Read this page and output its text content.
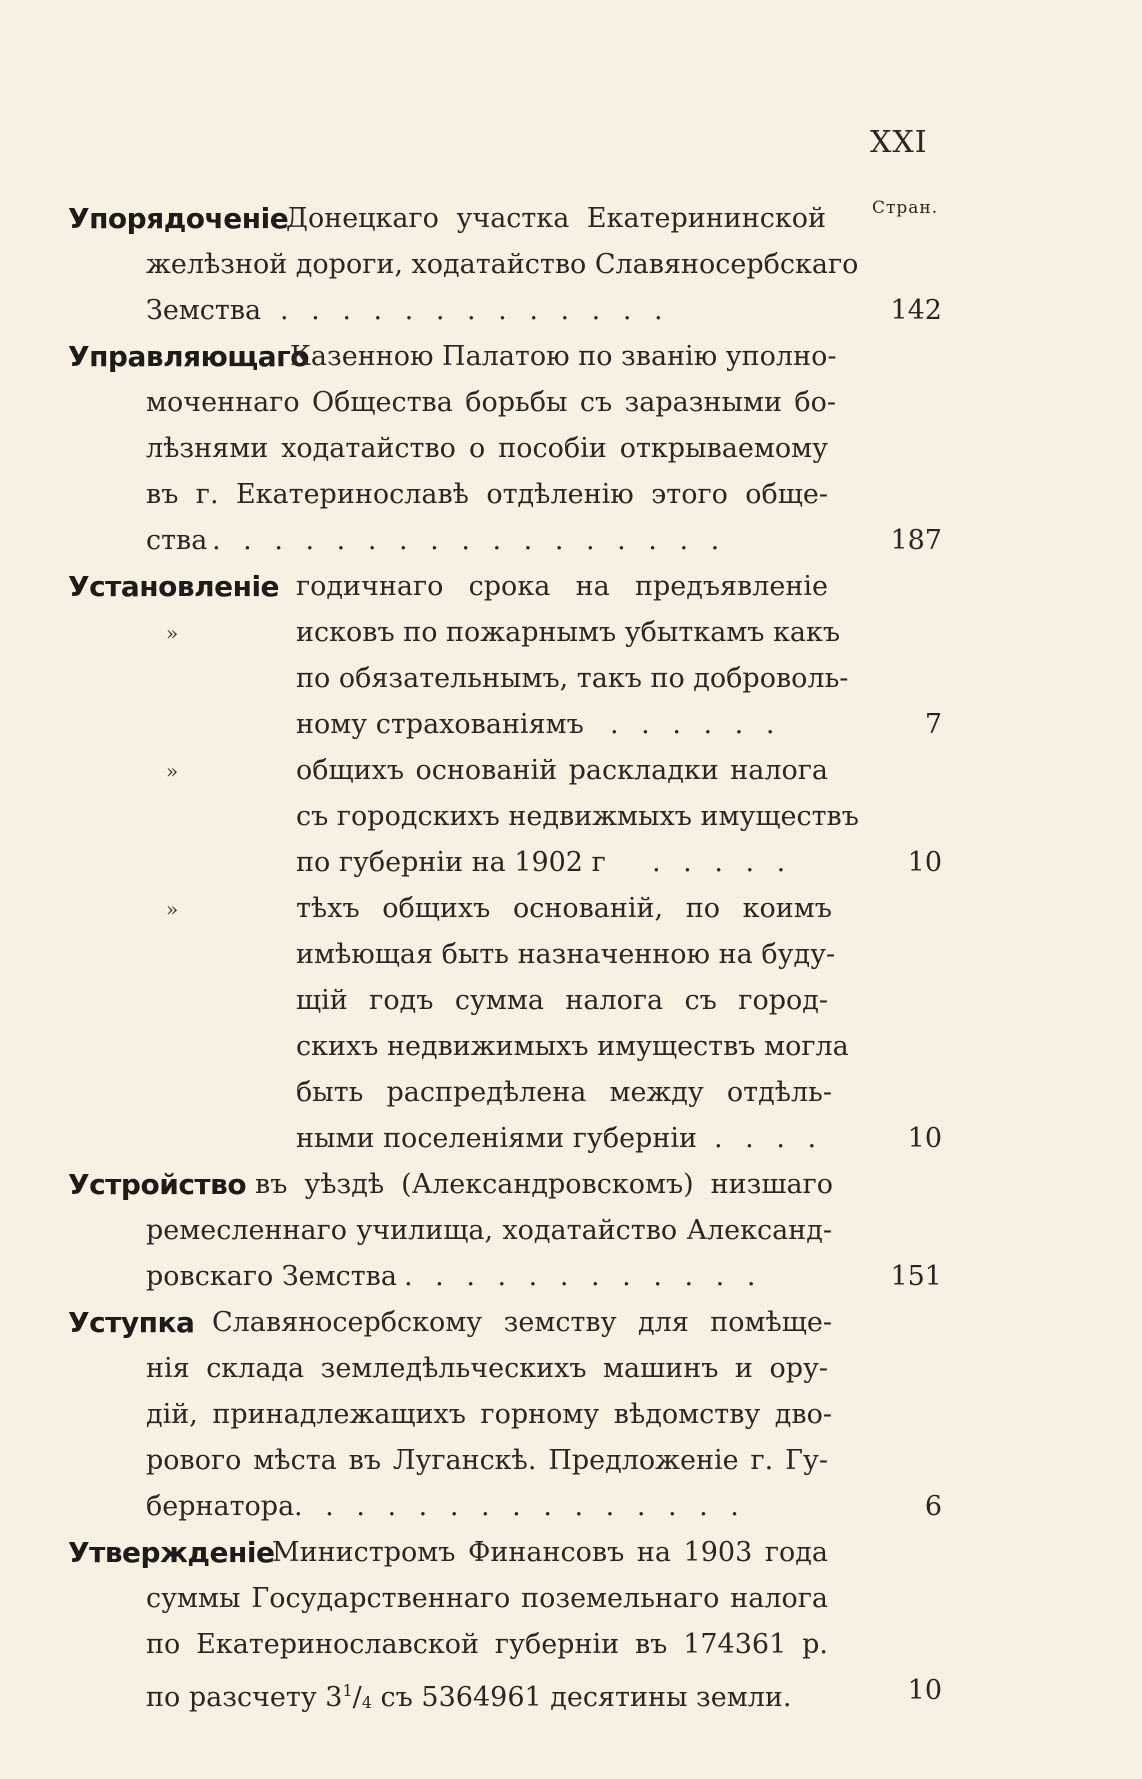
XXI
Стран.
Упорядоченіе
Донецкаго участка Екатерининской
желѣзной дороги, ходатайство Славяносербскаго
Земства . . . . . . . . . . . . .	142
Управляющаго
Казенною Палатою по званію уполно-
моченнаго Общества борьбы съ заразными бо-
лѣзнями ходатайство о пособіи открываемому
въ г. Екатеринославѣ отдѣленію этого обще-
ства . . . . . . . . . . . . . . . . .	187
Установленіе годичнаго срока на предъявленіе
»	исковъ по пожарнымъ убыткамъ какъ
по обязательнымъ, такъ по доброволь-
ному страхованіямъ . . . . . .	7
»	общихъ основаній раскладки налога
съ городскихъ недвижмыхъ имуществъ
по губерніи на 1902 г . . . . .	10
»	тѣхъ общихъ основаній, по коимъ
имѣющая быть назначенною на буду-
щій годъ сумма налога съ город-
скихъ недвижимыхъ имуществъ могла
быть распредѣлена между отдѣль-
ными поселеніями губерніи . . . .	10
Устройство въ уѣздѣ (Александровскомъ) низшаго
ремесленнаго училища, ходатайство Александ-
ровскаго Земства . . . . . . . . . . . .	151
Уступка Славяносербскому земству для помѣще-
нія склада земледѣльческихъ машинъ и ору-
дій, принадлежащихъ горному вѣдомству дво-
рового мѣста въ Луганскѣ. Предложеніе г. Гу-
бернатора . . . . . . . . . . . . . . .	6
Утвержденіе
Министромъ Финансовъ на 1903 года
суммы Государственнаго поземельнаго налога
по Екатеринославской губерніи въ 174361 р.
по разсчету $3^1/_4$ съ 5364961 десятины земли.	10
